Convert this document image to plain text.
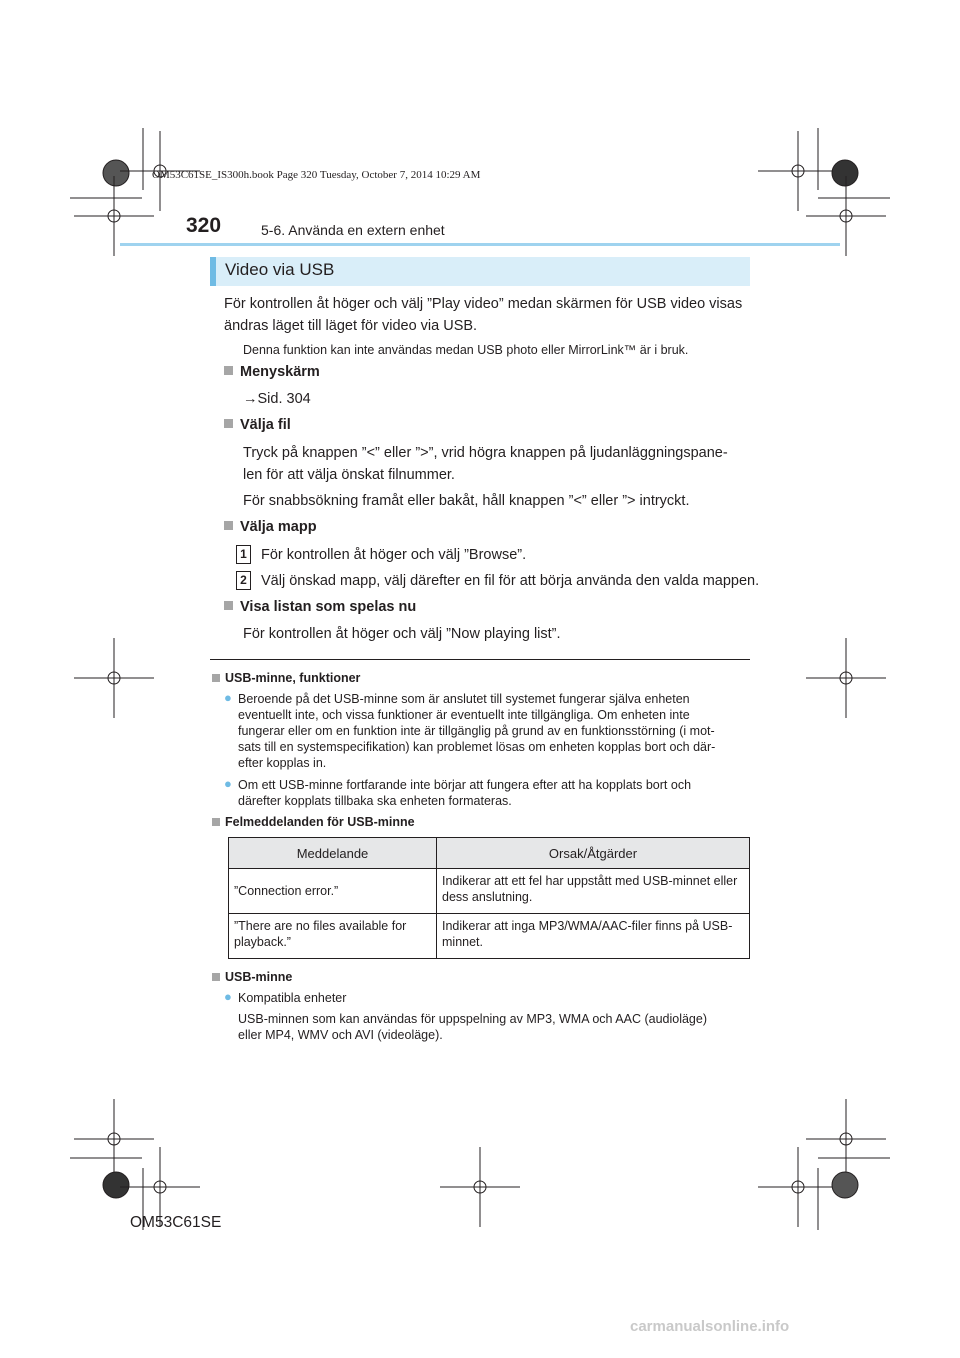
OM53C61SE_IS300h.book Page 320 Tuesday, October 7, 2014 10:29 AM
320	5-6. Använda en extern enhet
Video via USB
För kontrollen åt höger och välj ”Play video” medan skärmen för USB video visas
ändras läget till läget för video via USB.
Denna funktion kan inte användas medan USB photo eller MirrorLink™ är i bruk.
Menyskärm
→Sid. 304
Välja fil
Tryck på knappen ”<” eller ”>”, vrid högra knappen på ljudanläggningspane-
len för att välja önskat filnummer.
För snabbsökning framåt eller bakåt, håll knappen ”<” eller ”> intryckt.
Välja mapp
1 För kontrollen åt höger och välj ”Browse”.
2 Välj önskad mapp, välj därefter en fil för att börja använda den valda mappen.
Visa listan som spelas nu
För kontrollen åt höger och välj ”Now playing list”.
USB-minne, funktioner
● Beroende på det USB-minne som är anslutet till systemet fungerar själva enheten
eventuellt inte, och vissa funktioner är eventuellt inte tillgängliga. Om enheten inte
fungerar eller om en funktion inte är tillgänglig på grund av en funktionsstörning (i mot-
sats till en systemspecifikation) kan problemet lösas om enheten kopplas bort och där-
efter kopplas in.
● Om ett USB-minne fortfarande inte börjar att fungera efter att ha kopplats bort och
därefter kopplats tillbaka ska enheten formateras.
Felmeddelanden för USB-minne
Meddelande	Orsak/Åtgärder
”Connection error.”	Indikerar att ett fel har uppstått med USB-minnet eller dess anslutning.
”There are no files available for playback.”	Indikerar att inga MP3/WMA/AAC-filer finns på USB-minnet.
USB-minne
● Kompatibla enheter
USB-minnen som kan användas för uppspelning av MP3, WMA och AAC (audioläge)
eller MP4, WMV och AVI (videoläge).
OM53C61SE
carmanualsonline.info
